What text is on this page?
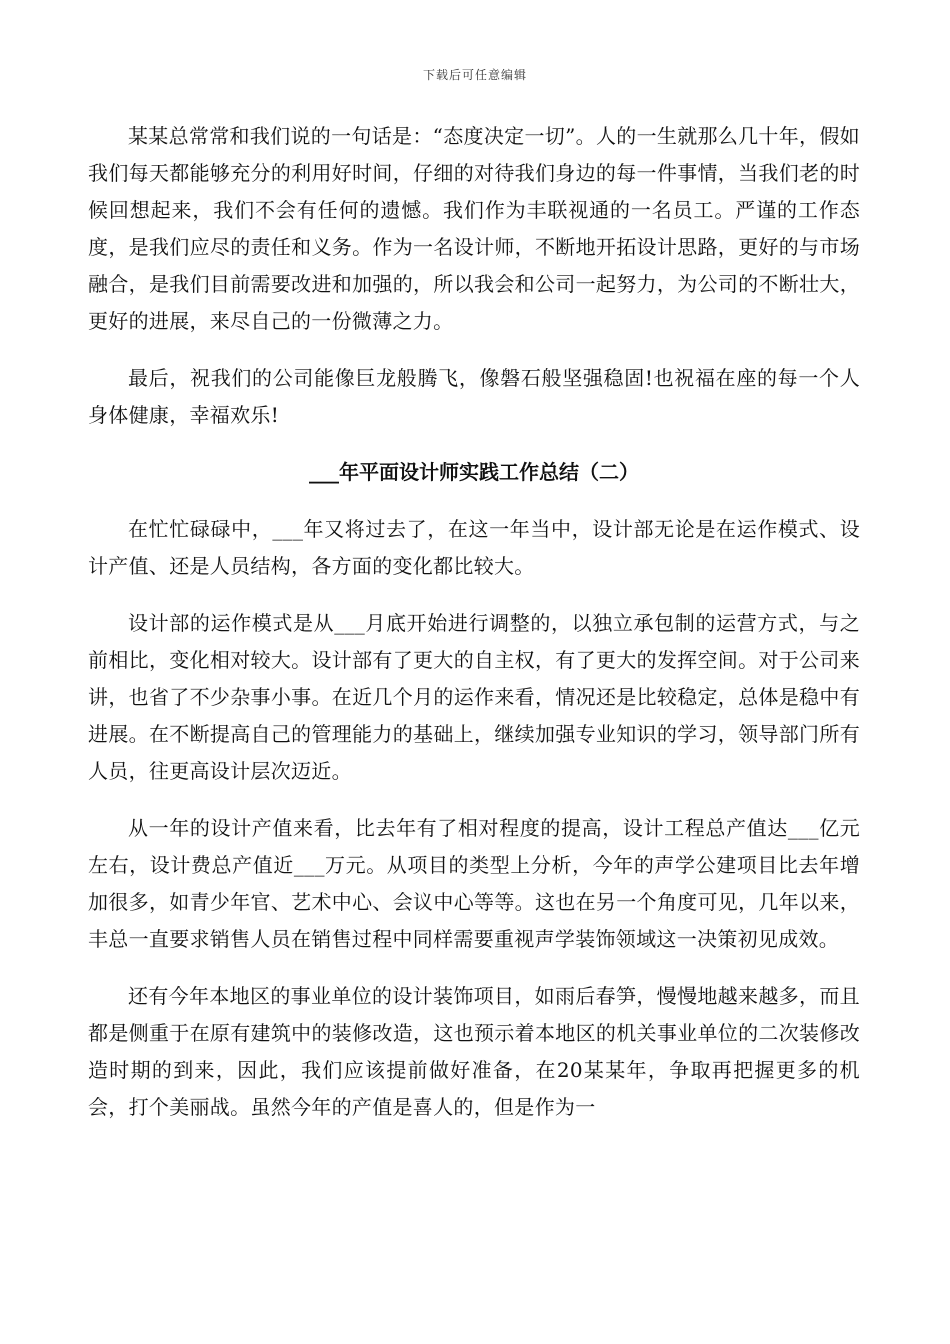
下载后可任意编辑

某某总常常和我们说的一句话是：“态度决定一切”。人的一生就那么几十年，假如我们每天都能够充分的利用好时间，仔细的对待我们身边的每一件事情，当我们老的时候回想起来，我们不会有任何的遗憾。我们作为丰联视通的一名员工。严谨的工作态度，是我们应尽的责任和义务。作为一名设计师，不断地开拓设计思路，更好的与市场融合，是我们目前需要改进和加强的，所以我会和公司一起努力，为公司的不断壮大，更好的进展，来尽自己的一份微薄之力。

最后，祝我们的公司能像巨龙般腾飞，像磐石般坚强稳固!也祝福在座的每一个人身体健康，幸福欢乐!

___年平面设计师实践工作总结（二）

在忙忙碌碌中，___年又将过去了，在这一年当中，设计部无论是在运作模式、设计产值、还是人员结构，各方面的变化都比较大。

设计部的运作模式是从___月底开始进行调整的，以独立承包制的运营方式，与之前相比，变化相对较大。设计部有了更大的自主权，有了更大的发挥空间。对于公司来讲，也省了不少杂事小事。在近几个月的运作来看，情况还是比较稳定，总体是稳中有进展。在不断提高自己的管理能力的基础上，继续加强专业知识的学习，领导部门所有人员，往更高设计层次迈近。

从一年的设计产值来看，比去年有了相对程度的提高，设计工程总产值达___亿元左右，设计费总产值近___万元。从项目的类型上分析，今年的声学公建项目比去年增加很多，如青少年官、艺术中心、会议中心等等。这也在另一个角度可见，几年以来，丰总一直要求销售人员在销售过程中同样需要重视声学装饰领域这一决策初见成效。

还有今年本地区的事业单位的设计装饰项目，如雨后春笋，慢慢地越来越多，而且都是侧重于在原有建筑中的装修改造，这也预示着本地区的机关事业单位的二次装修改造时期的到来，因此，我们应该提前做好准备，在20某某年，争取再把握更多的机会，打个美丽战。虽然今年的产值是喜人的，但是作为一
